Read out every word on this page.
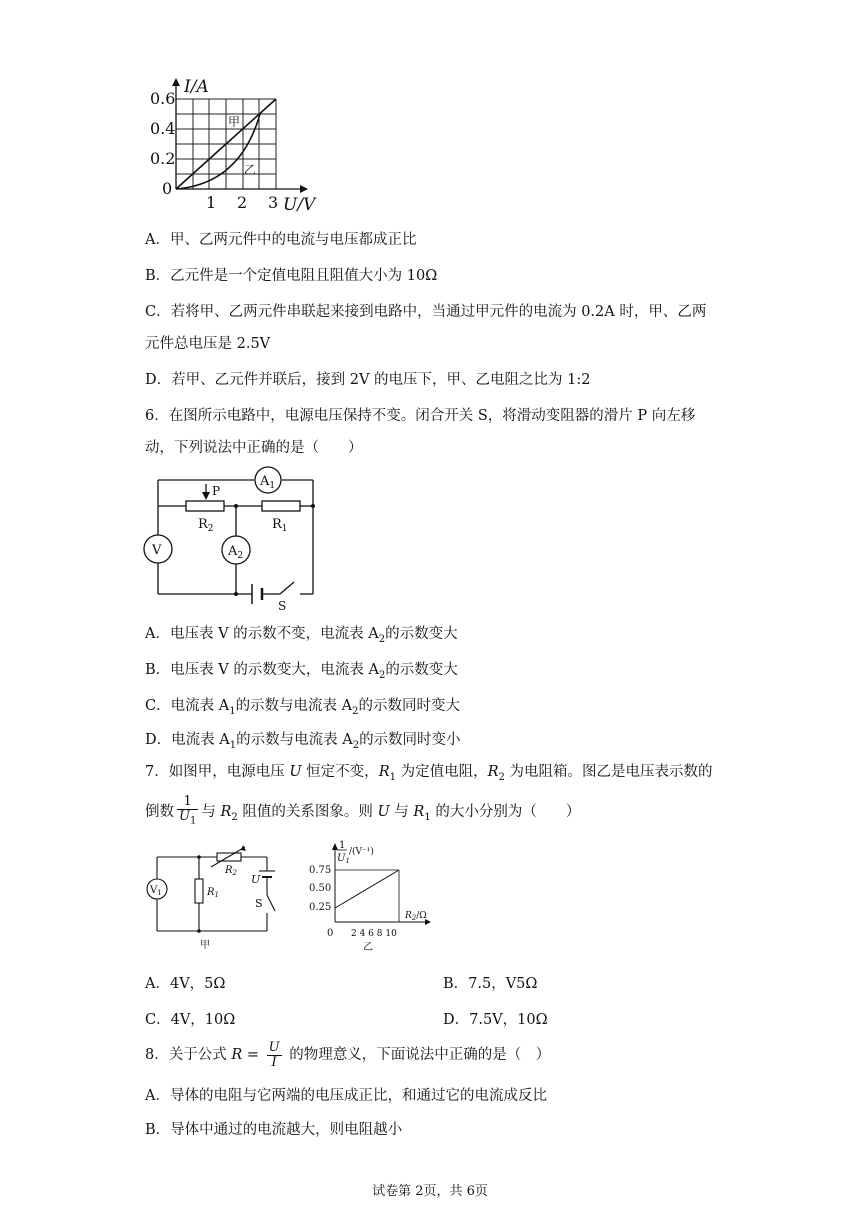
I/A
0.6
0.4
0.2
0
1 2 3 U/V
甲
乙
A．甲、乙两元件中的电流与电压都成正比
B．乙元件是一个定值电阻且阻值大小为 10Ω
C．若将甲、乙两元件串联起来接到电路中，当通过甲元件的电流为 0.2A 时，甲、乙两
元件总电压是 2.5V
D．若甲、乙元件并联后，接到 2V 的电压下，甲、乙电阻之比为 1:2
6．在图所示电路中，电源电压保持不变。闭合开关 S，将滑动变阻器的滑片 P 向左移
动，下列说法中正确的是（　　）
$A_1$
V	$A_2$
P
$R_2$	$R_1$
S
A．电压表 V 的示数不变，电流表 $A_2$的示数变大
B．电压表 V 的示数变大，电流表 $A_2$的示数变大
C．电流表 $A_1$的示数与电流表 $A_2$的示数同时变大
D．电流表 $A_1$的示数与电流表 $A_2$的示数同时变小
7．如图甲，电源电压 U 恒定不变，$R_1$ 为定值电阻，$R_2$ 为电阻箱。图乙是电压表示数的
倒数 $\frac{1}{U_1}$ 与 $R_2$ 阻值的关系图象。则 U 与 $R_1$ 的大小分别为（　　）
$V_1$	$R_1$
$R_2$ U
S
甲
1
$U_1$
/(V⁻¹)
0.75
0.50
0.25
0 2 4 6 8 10
$R_2/\Omega$
乙
A．4V，5Ω	B．7.5，V5Ω
C．4V，10Ω	D．7.5V，10Ω
8．关于公式 $R = \frac{U}{I}$ 的物理意义，下面说法中正确的是（　）
A．导体的电阻与它两端的电压成正比，和通过它的电流成反比
B．导体中通过的电流越大，则电阻越小
试卷第 2页，共 6页
